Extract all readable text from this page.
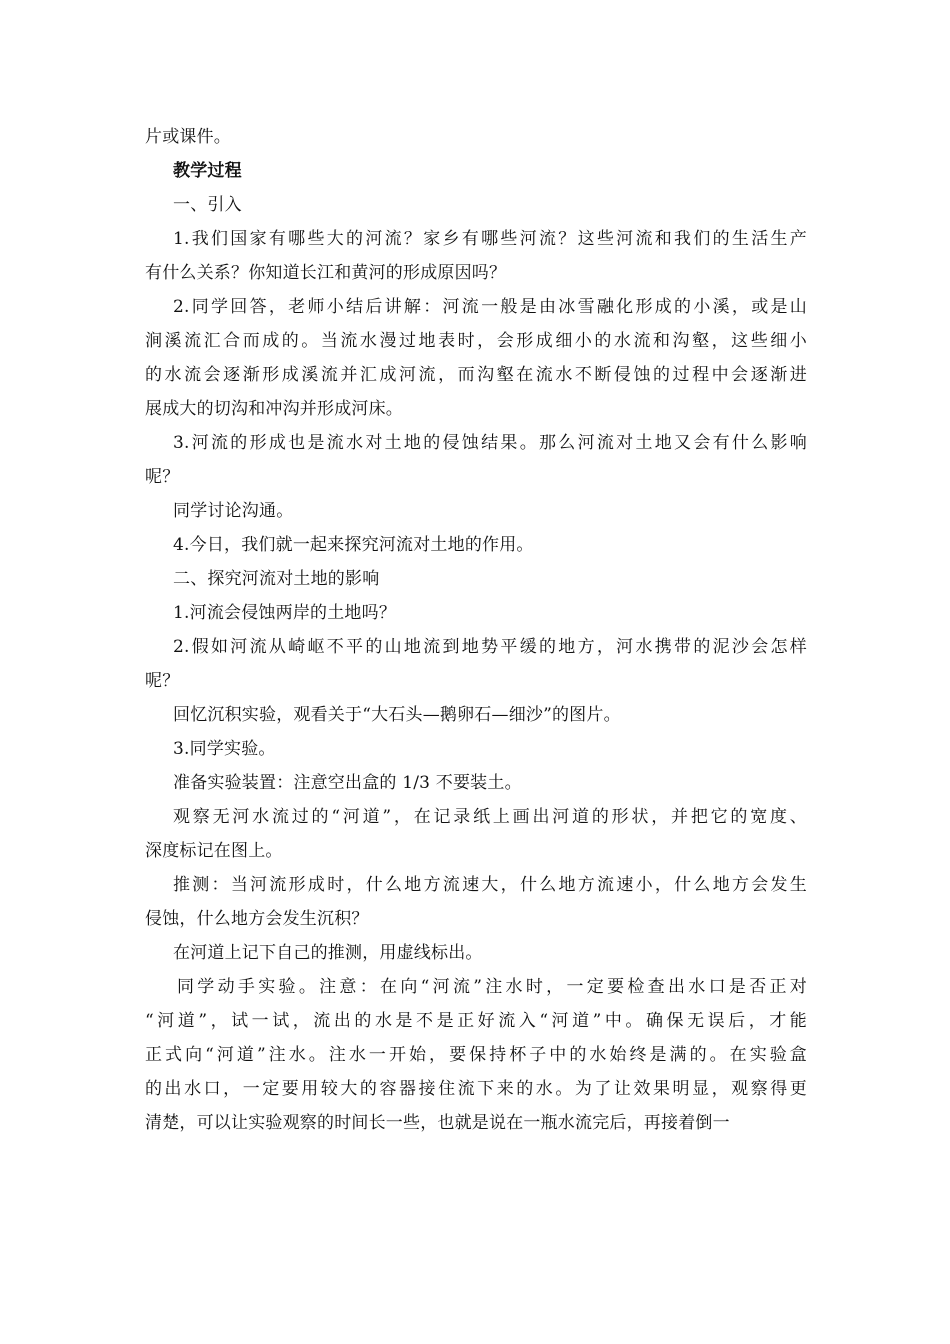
片或课件。
教学过程
一、引入
1.我们国家有哪些大的河流？家乡有哪些河流？这些河流和我们的生活生产
有什么关系？你知道长江和黄河的形成原因吗？
2.同学回答，老师小结后讲解：河流一般是由冰雪融化形成的小溪，或是山
涧溪流汇合而成的。当流水漫过地表时，会形成细小的水流和沟壑，这些细小
的水流会逐渐形成溪流并汇成河流，而沟壑在流水不断侵蚀的过程中会逐渐进
展成大的切沟和冲沟并形成河床。
3.河流的形成也是流水对土地的侵蚀结果。那么河流对土地又会有什么影响
呢？
同学讨论沟通。
4.今日，我们就一起来探究河流对土地的作用。
二、探究河流对土地的影响
1.河流会侵蚀两岸的土地吗？
2.假如河流从崎岖不平的山地流到地势平缓的地方，河水携带的泥沙会怎样
呢？
回忆沉积实验，观看关于“大石头—鹅卵石—细沙”的图片。
3.同学实验。
准备实验装置：注意空出盒的 1/3 不要装土。
观察无河水流过的“河道”，在记录纸上画出河道的形状，并把它的宽度、
深度标记在图上。
推测：当河流形成时，什么地方流速大，什么地方流速小，什么地方会发生
侵蚀，什么地方会发生沉积？
在河道上记下自己的推测，用虚线标出。
同学动手实验。注意：在向“河流”注水时，一定要检查出水口是否正对
“河道”，试一试，流出的水是不是正好流入“河道”中。确保无误后，才能
正式向“河道”注水。注水一开始，要保持杯子中的水始终是满的。在实验盒
的出水口，一定要用较大的容器接住流下来的水。为了让效果明显，观察得更
清楚，可以让实验观察的时间长一些，也就是说在一瓶水流完后，再接着倒一
